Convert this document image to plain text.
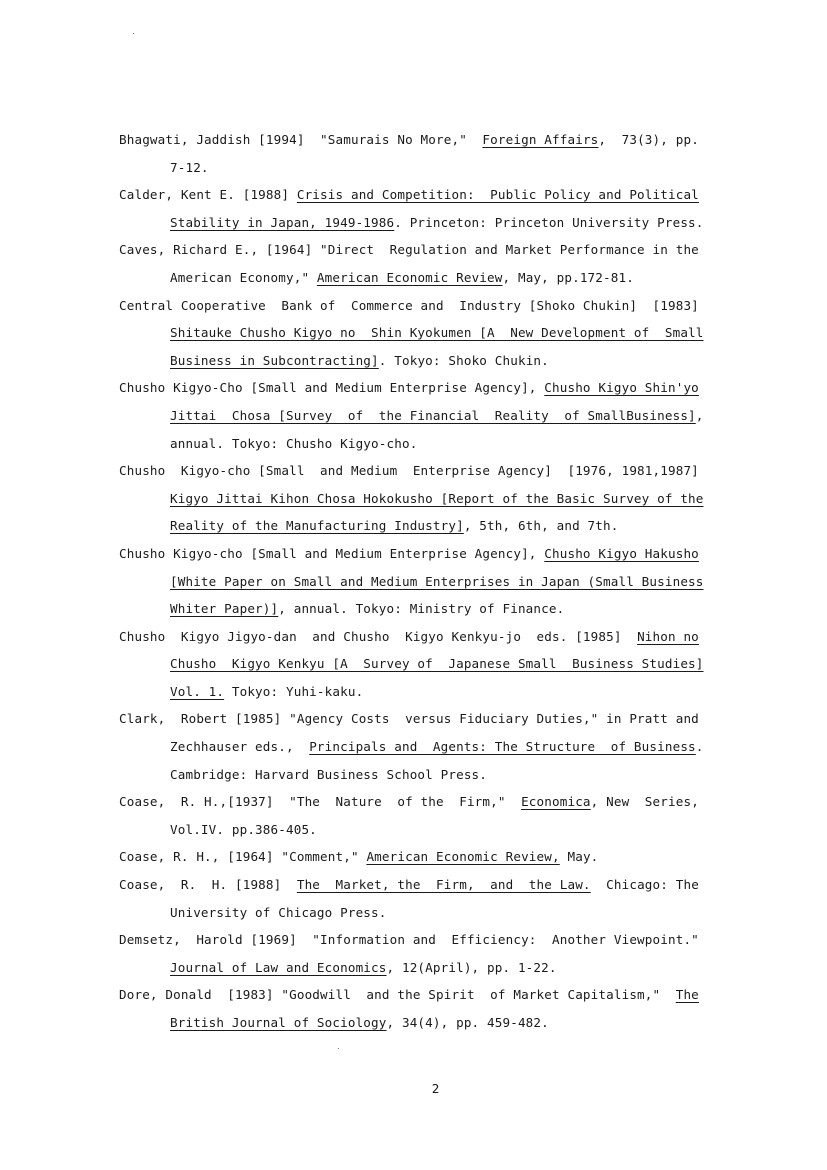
Bhagwati, Jaddish [1994]  "Samurais No More,"  Foreign Affairs,  73(3), pp.
7-12.
Calder, Kent E. [1988] Crisis and Competition:  Public Policy and Political
Stability in Japan, 1949-1986. Princeton: Princeton University Press.
Caves, Richard E., [1964] "Direct  Regulation and Market Performance in the
American Economy," American Economic Review, May, pp.172-81.
Central Cooperative  Bank of  Commerce and  Industry [Shoko Chukin]  [1983]
Shitauke Chusho Kigyo no  Shin Kyokumen [A  New Development of  Small
Business in Subcontracting]. Tokyo: Shoko Chukin.
Chusho Kigyo-Cho [Small and Medium Enterprise Agency], Chusho Kigyo Shin'yo
Jittai  Chosa [Survey  of  the Financial  Reality  of SmallBusiness],
annual. Tokyo: Chusho Kigyo-cho.
Chusho  Kigyo-cho [Small  and Medium  Enterprise Agency]  [1976, 1981,1987]
Kigyo Jittai Kihon Chosa Hokokusho [Report of the Basic Survey of the
Reality of the Manufacturing Industry], 5th, 6th, and 7th.
Chusho Kigyo-cho [Small and Medium Enterprise Agency], Chusho Kigyo Hakusho
[White Paper on Small and Medium Enterprises in Japan (Small Business
Whiter Paper)], annual. Tokyo: Ministry of Finance.
Chusho  Kigyo Jigyo-dan  and Chusho  Kigyo Kenkyu-jo  eds. [1985]  Nihon no
Chusho  Kigyo Kenkyu [A  Survey of  Japanese Small  Business Studies]
Vol. 1. Tokyo: Yuhi-kaku.
Clark,  Robert [1985] "Agency Costs  versus Fiduciary Duties," in Pratt and
Zechhauser eds.,  Principals and  Agents: The Structure  of Business.
Cambridge: Harvard Business School Press.
Coase,  R. H.,[1937]  "The  Nature  of the  Firm,"  Economica, New  Series,
Vol.IV. pp.386-405.
Coase, R. H., [1964] "Comment," American Economic Review, May.
Coase,  R.  H. [1988]  The  Market, the  Firm,  and  the Law.  Chicago: The
University of Chicago Press.
Demsetz,  Harold [1969]  "Information and  Efficiency:  Another Viewpoint."
Journal of Law and Economics, 12(April), pp. 1-22.
Dore, Donald  [1983] "Goodwill  and the Spirit  of Market Capitalism,"  The
British Journal of Sociology, 34(4), pp. 459-482.
2
